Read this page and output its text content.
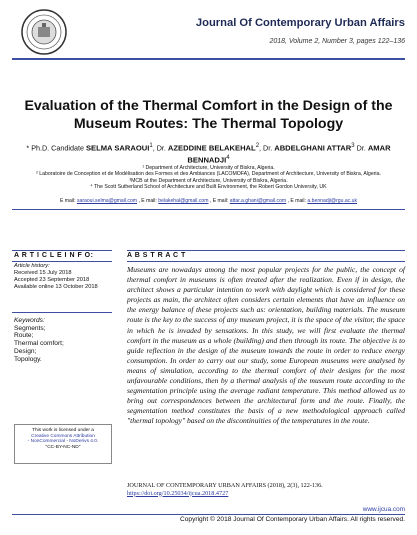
Journal Of Contemporary Urban Affairs
2018, Volume 2, Number 3, pages 122–136
Evaluation of the Thermal Comfort in the Design of the Museum Routes: The Thermal Topology
* Ph.D. Candidate SELMA SARAOUI$^1$, Dr. AZEDDINE BELAKEHAL$^2$, Dr. ABDELGHANI ATTAR$^3$ Dr. AMAR BENNADJI$^4$

¹ Department of Architecture, University of Biskra, Algeria.

² Laboratoire de Conception et de Modélisation des Formes et des Ambiances (LACOMOFA), Department of Architecture, University of Biskra, Algeria.

³MCB at the Department of Architecture, University of Biskra, Algeria.

⁴ The Scott Sutherland School of Architecture and Built Environment, the Robert Gordon University, UK

E mail: saraoui.selma@gmail.com , E mail: belakehal@gmail.com , E mail: attar.a.ghani@gmail.com , E mail: a.bennadji@rgu.ac.uk
A R T I C L E I N F O:

Article history:

Received 15 July 2018

Accepted 23 September 2018

Available online 13 October 2018

Keywords:

Segments;

Route;

Thermal comfort;

Design;

Topology.

This work is licensed under a
Creative Commons Attribution
- NonCommercial - NoDerivs 4.0.
"CC-BY-NC-ND"
A B S T R A C T
Museums are nowadays among the most popular projects for the public, the concept of thermal comfort in museums is often treated after the realization. Even if in design, the architect shows a particular intention to work with daylight which is considered for these projects as main, the architect often considers certain elements that have an influence on the energy balance of these projects such as: orientation, building materials. The museum route is the key to the success of any museum project, it is the space of the visitor, the space in which he is invaded by sensations. In this study, we will first evaluate the thermal comfort in the museum as a whole (building) and then through its route. The objective is to guide reflection in the design of the museum towards the route in order to reduce energy consumption. In order to carry out our study, some European museums were analysed by means of simulation, according to the thermal comfort of their designs for the most unfavourable conditions, then by a thermal analysis of the museum route according to the segmentation principle using the average radiant temperature. This method allowed us to bring out correspondences between the architectural form and the route. Finally, the segmentation method constitutes the basis of a new methodological approach called "thermal topology" based on the discontinuities of the temperatures in the route.
JOURNAL OF CONTEMPORARY URBAN AFFAIRS (2018), 2(3), 122-136.
https://doi.org/10.25034/ijcua.2018.4727
www.ijcua.com
Copyright © 2018 Journal Of Contemporary Urban Affairs. All rights reserved.
